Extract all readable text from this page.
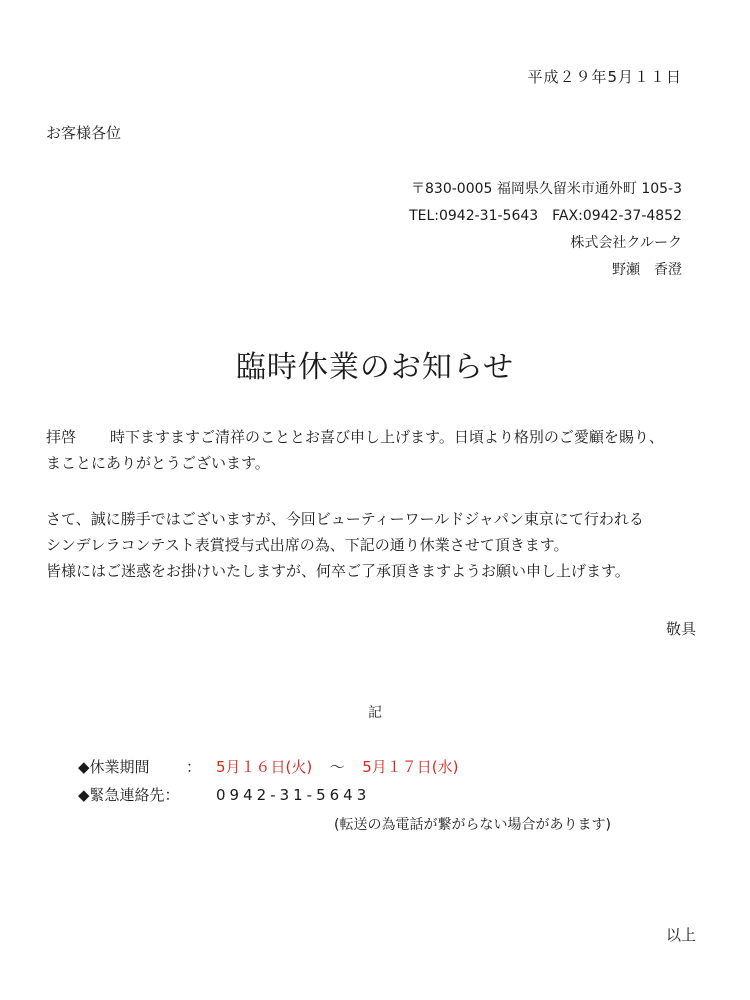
平成２９年5月１１日
お客様各位
〒830-0005 福岡県久留米市通外町 105-3
TEL:0942-31-5643　FAX:0942-37-4852
株式会社クルーク
野瀬　香澄
臨時休業のお知らせ
拝啓 時下ますますご清祥のこととお喜び申し上げます。日頃より格別のご愛顧を賜り、
まことにありがとうございます。
さて、誠に勝手ではございますが、今回ビューティーワールドジャパン東京にて行われる
シンデレラコンテスト表賞授与式出席の為、下記の通り休業させて頂きます。
皆様にはご迷惑をお掛けいたしますが、何卒ご了承頂きますようお願い申し上げます。
敬具
記
◆休業期間 ： 5月１６日(火) ～ 5月１７日(水)
◆緊急連絡先： 0942-31-5643
(転送の為電話が繋がらない場合があります)
以上
